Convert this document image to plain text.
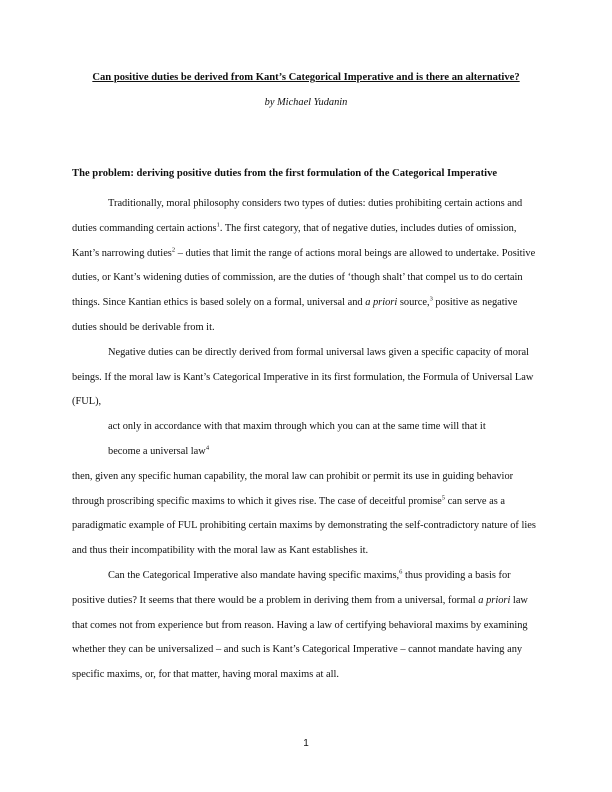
Can positive duties be derived from Kant’s Categorical Imperative and is there an alternative?
by Michael Yudanin
The problem: deriving positive duties from the first formulation of the Categorical Imperative

Traditionally, moral philosophy considers two types of duties: duties prohibiting certain actions and duties commanding certain actions$^1$. The first category, that of negative duties, includes duties of omission, Kant’s narrowing duties$^2$ – duties that limit the range of actions moral beings are allowed to undertake. Positive duties, or Kant’s widening duties of commission, are the duties of ‘though shalt’ that compel us to do certain things. Since Kantian ethics is based solely on a formal, universal and a priori source,$^3$ positive as negative duties should be derivable from it.

Negative duties can be directly derived from formal universal laws given a specific capacity of moral beings. If the moral law is Kant’s Categorical Imperative in its first formulation, the Formula of Universal Law (FUL),

act only in accordance with that maxim through which you can at the same time will that it become a universal law$^4$

then, given any specific human capability, the moral law can prohibit or permit its use in guiding behavior through proscribing specific maxims to which it gives rise. The case of deceitful promise$^5$ can serve as a paradigmatic example of FUL prohibiting certain maxims by demonstrating the self-contradictory nature of lies and thus their incompatibility with the moral law as Kant establishes it.

Can the Categorical Imperative also mandate having specific maxims,$^6$ thus providing a basis for positive duties? It seems that there would be a problem in deriving them from a universal, formal a priori law that comes not from experience but from reason. Having a law of certifying behavioral maxims by examining whether they can be universalized – and such is Kant’s Categorical Imperative – cannot mandate having any specific maxims, or, for that matter, having moral maxims at all.

1
